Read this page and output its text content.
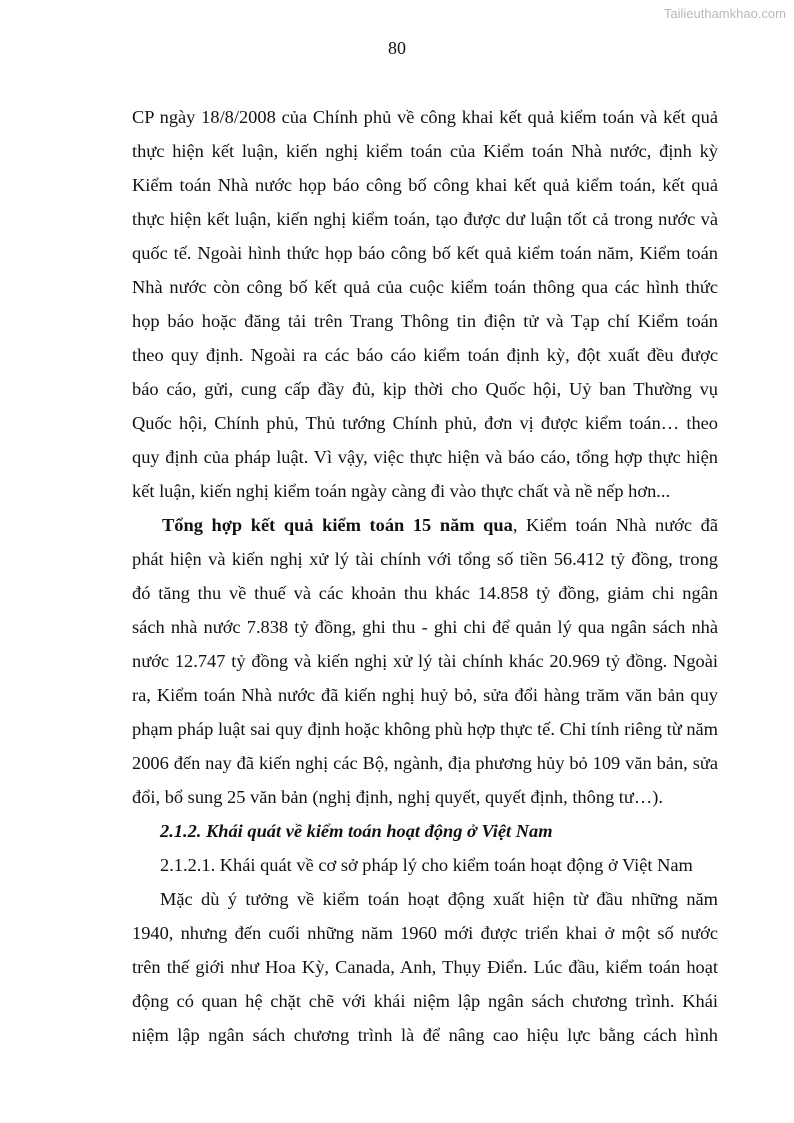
Tailieuthamkhao.com
80
CP ngày 18/8/2008 của Chính phủ về công khai kết quả kiểm toán và kết quả
thực hiện kết luận, kiến nghị kiểm toán của Kiểm toán Nhà nước, định kỳ
Kiểm toán Nhà nước họp báo công bố công khai kết quả kiểm toán, kết quả
thực hiện kết luận, kiến nghị kiểm toán, tạo được dư luận tốt cả trong nước và
quốc tế. Ngoài hình thức họp báo công bố kết quả kiểm toán năm, Kiểm toán
Nhà nước còn công bố kết quả của cuộc kiểm toán thông qua các hình thức
họp báo hoặc đăng tải trên Trang Thông tin điện tử và Tạp chí Kiểm toán
theo quy định. Ngoài ra các báo cáo kiểm toán định kỳ, đột xuất đều được
báo cáo, gửi, cung cấp đầy đủ, kịp thời cho Quốc hội, Uỷ ban Thường vụ
Quốc hội, Chính phủ, Thủ tướng Chính phủ, đơn vị được kiểm toán… theo
quy định của pháp luật. Vì vậy, việc thực hiện và báo cáo, tổng hợp thực hiện
kết luận, kiến nghị kiểm toán ngày càng đi vào thực chất và nề nếp hơn...
Tổng hợp kết quả kiểm toán 15 năm qua, Kiểm toán Nhà nước đã
phát hiện và kiến nghị xử lý tài chính với tổng số tiền 56.412 tỷ đồng, trong
đó tăng thu về thuế và các khoản thu khác 14.858 tỷ đồng, giảm chi ngân
sách nhà nước 7.838 tỷ đồng, ghi thu - ghi chi để quản lý qua ngân sách nhà
nước 12.747 tỷ đồng và kiến nghị xử lý tài chính khác 20.969 tỷ đồng. Ngoài
ra, Kiểm toán Nhà nước đã kiến nghị huỷ bỏ, sửa đổi hàng trăm văn bản quy
phạm pháp luật sai quy định hoặc không phù hợp thực tế. Chỉ tính riêng từ năm
2006 đến nay đã kiến nghị các Bộ, ngành, địa phương hủy bỏ 109 văn bản, sửa
đổi, bổ sung 25 văn bản (nghị định, nghị quyết, quyết định, thông tư…).
2.1.2. Khái quát về kiểm toán hoạt động ở Việt Nam
2.1.2.1. Khái quát về cơ sở pháp lý cho kiểm toán hoạt động ở Việt Nam
Mặc dù ý tưởng về kiểm toán hoạt động xuất hiện từ đầu những năm
1940, nhưng đến cuối những năm 1960 mới được triển khai ở một số nước
trên thế giới như Hoa Kỳ, Canada, Anh, Thụy Điển. Lúc đầu, kiểm toán hoạt
động có quan hệ chặt chẽ với khái niệm lập ngân sách chương trình. Khái
niệm lập ngân sách chương trình là để nâng cao hiệu lực bằng cách hình
